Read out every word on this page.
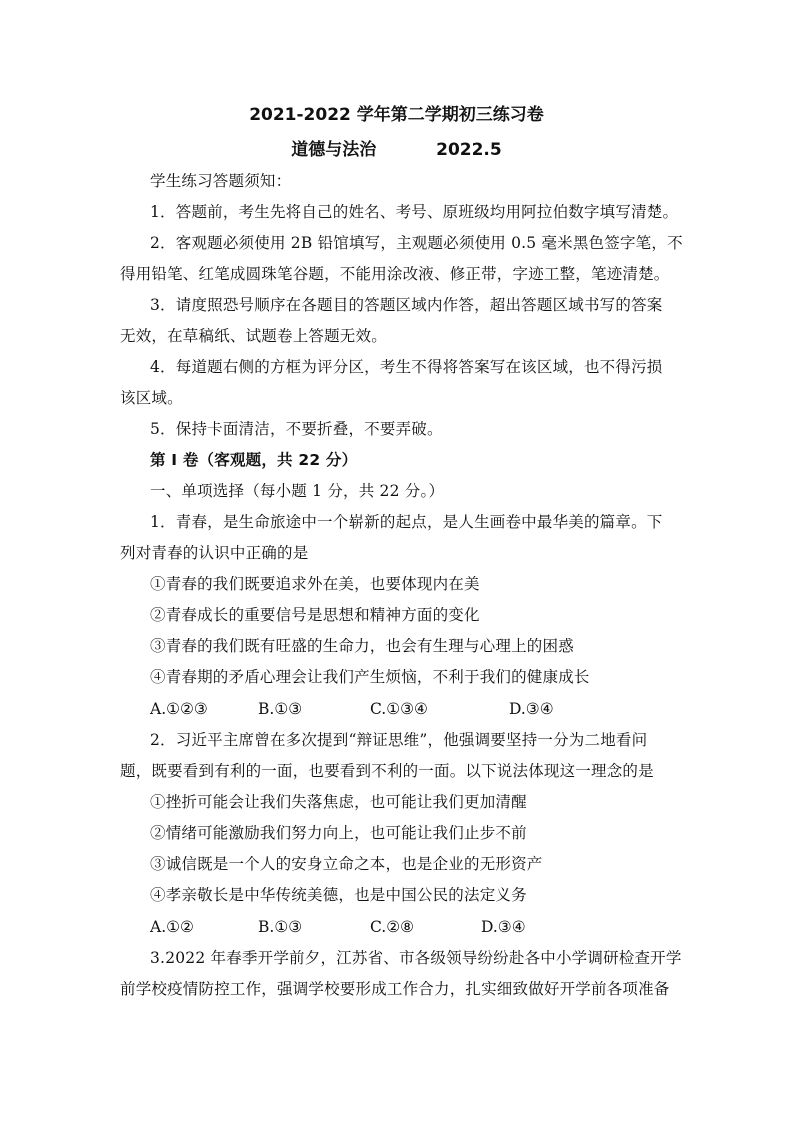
2021-2022 学年第二学期初三练习卷
道德与法治	2022.5
学生练习答题须知：
1．答题前，考生先将自己的姓名、考号、原班级均用阿拉伯数字填写清楚。
2．客观题必须使用 2B 铅馆填写，主观题必须使用 0.5 毫米黑色签字笔，不
得用铅笔、红笔成圆珠笔谷题，不能用涂改液、修正带，字迹工整，笔迹清楚。
3．请度照恐号顺序在各题目的答题区域内作答，超出答题区域书写的答案
无效，在草稿纸、试题卷上答题无效。
4．每道题右侧的方框为评分区，考生不得将答案写在该区域，也不得污损
该区域。
5．保持卡面清洁，不要折叠，不要弄破。
第 I 卷（客观题，共 22 分）
一、单项选择（每小题 1 分，共 22 分。）
1．青春，是生命旅途中一个崭新的起点，是人生画卷中最华美的篇章。下
列对青春的认识中正确的是
①青春的我们既要追求外在美，也要体现内在美
②青春成长的重要信号是思想和精神方面的变化
③青春的我们既有旺盛的生命力，也会有生理与心理上的困惑
④青春期的矛盾心理会让我们产生烦恼，不利于我们的健康成长
A.①②③	B.①③	C.①③④	D.③④
2．习近平主席曾在多次提到“辩证思维”，他强调要坚持一分为二地看问
题，既要看到有利的一面，也要看到不利的一面。以下说法体现这一理念的是
①挫折可能会让我们失落焦虑，也可能让我们更加清醒
②情绪可能激励我们努力向上，也可能让我们止步不前
③诚信既是一个人的安身立命之本，也是企业的无形资产
④孝亲敬长是中华传统美德，也是中国公民的法定义务
A.①②	B.①③	C.②⑧	D.③④
3.2022 年春季开学前夕，江苏省、市各级领导纷纷赴各中小学调研检查开学
前学校疫情防控工作，强调学校要形成工作合力，扎实细致做好开学前各项准备
